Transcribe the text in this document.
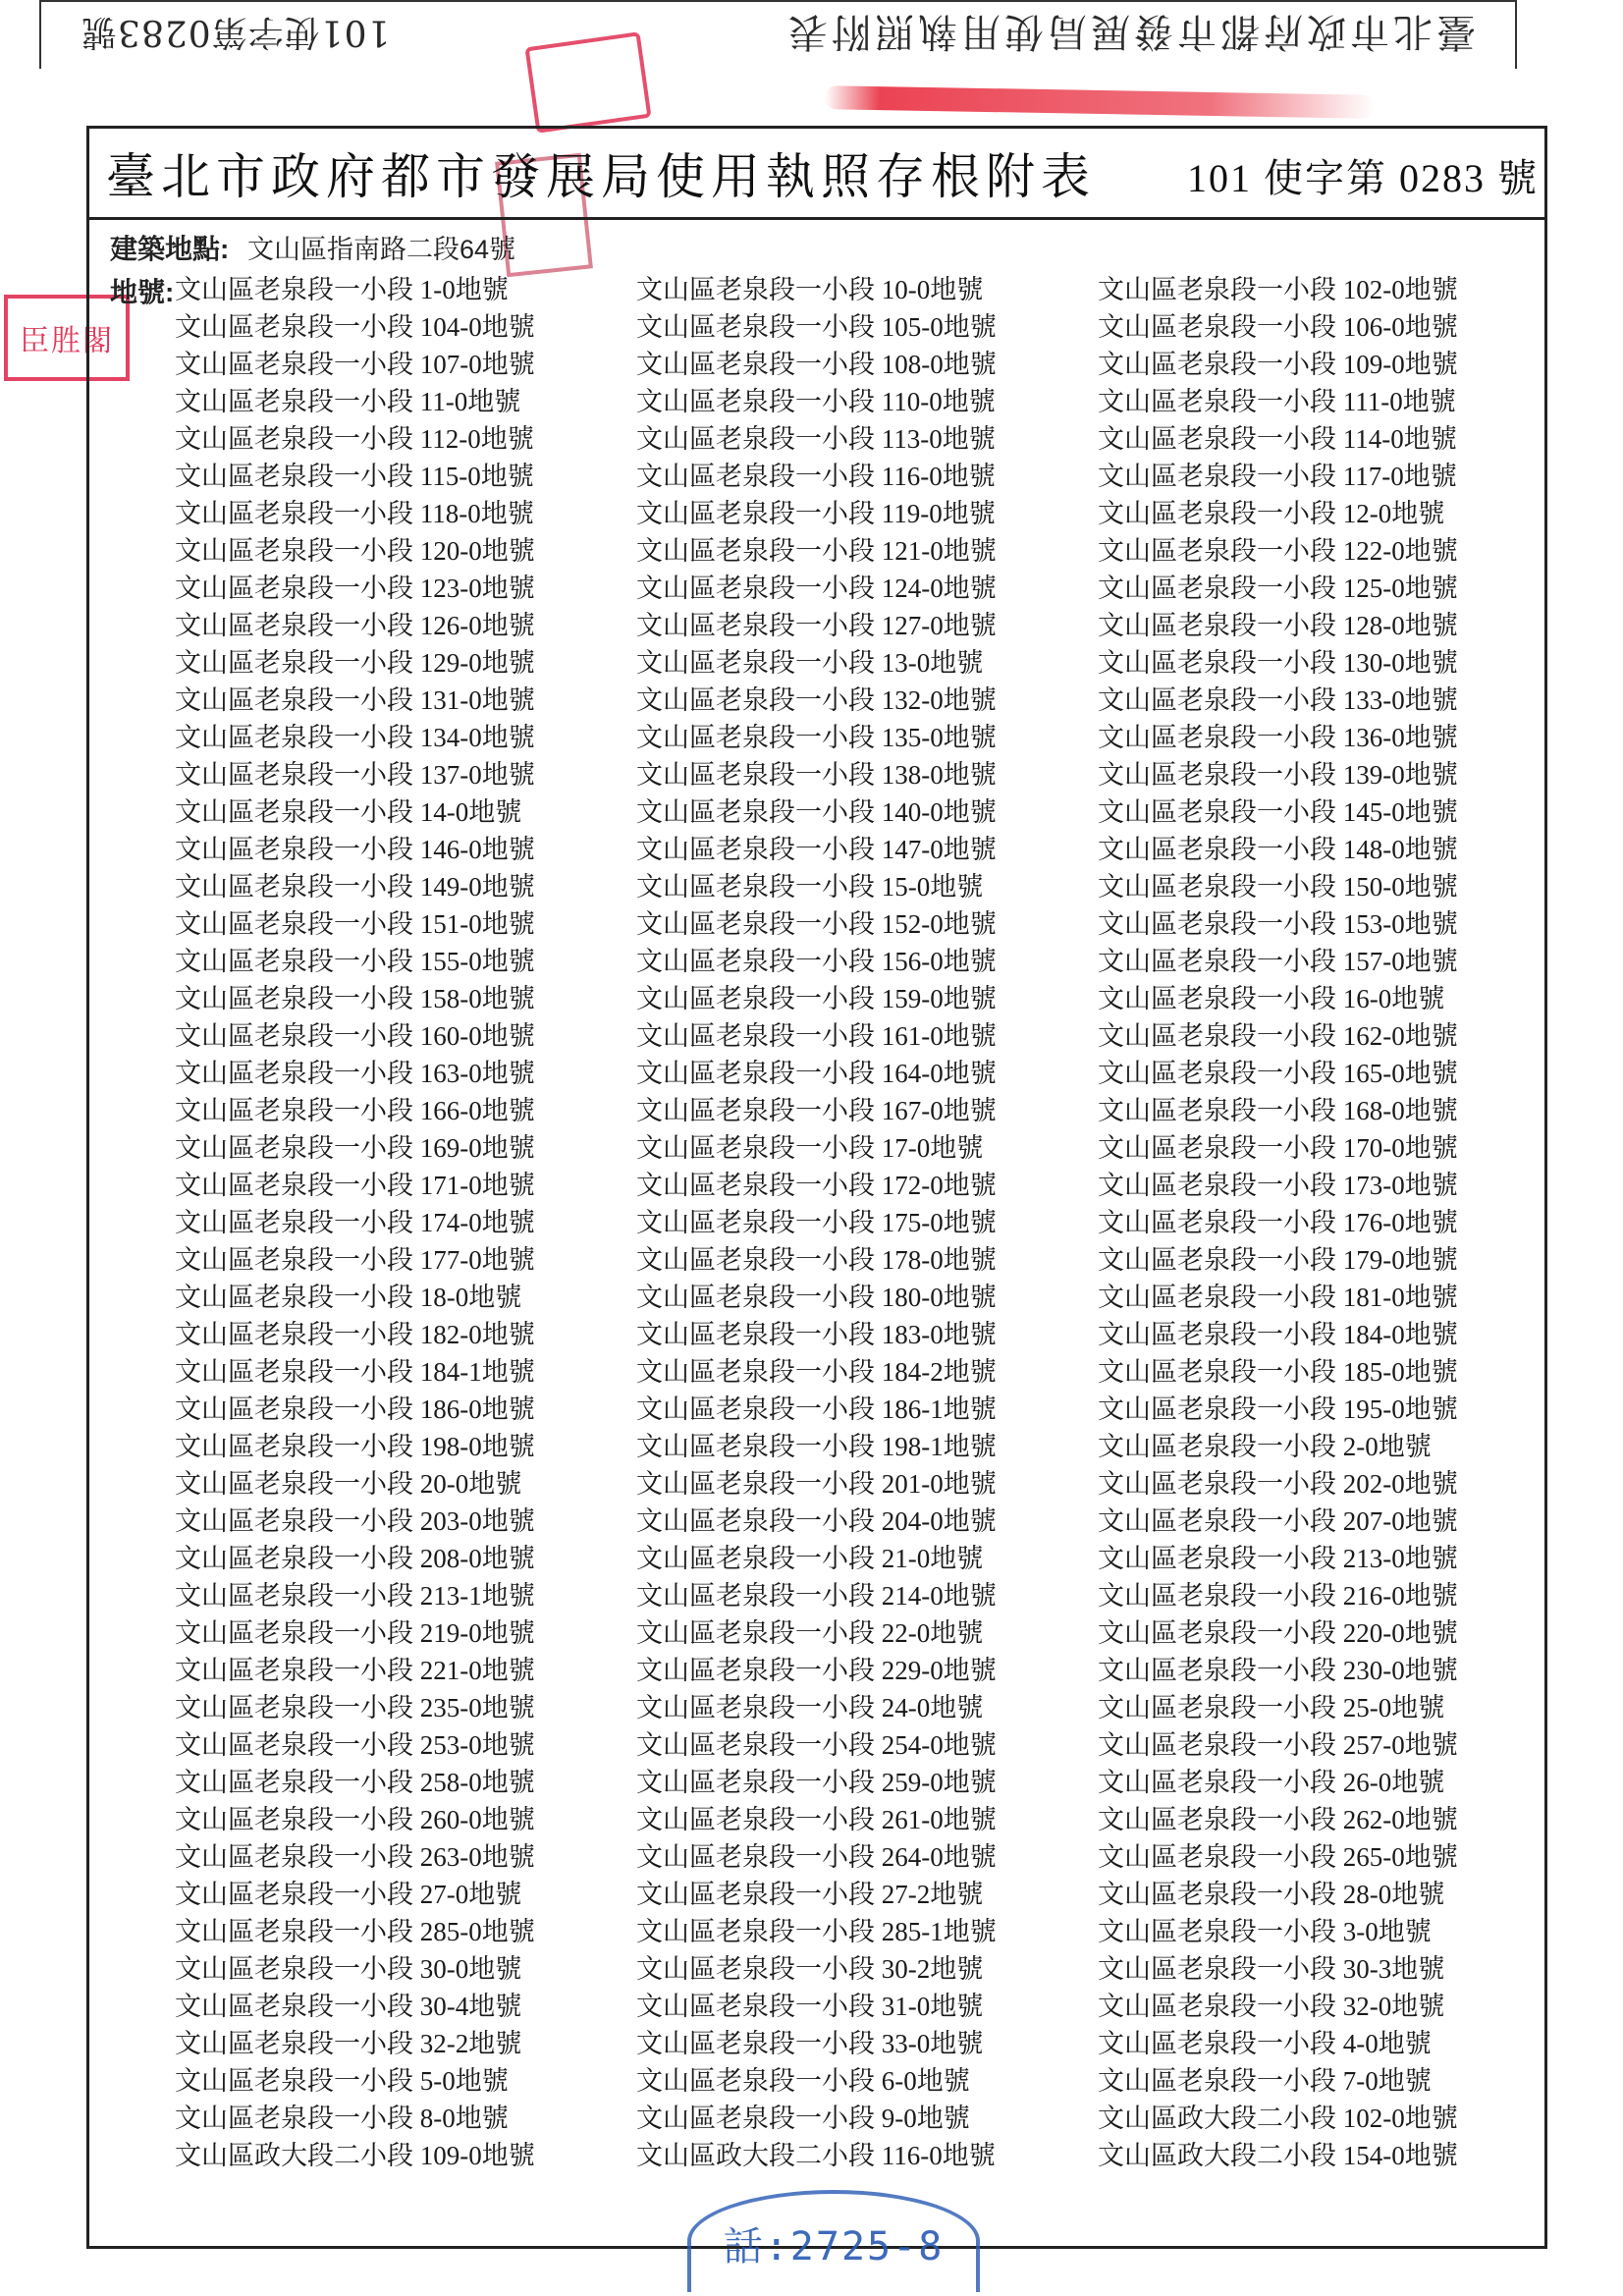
臺北市政府都市發展局使用執照附表
101使字第0283號
臣胜閣
臺北市政府都市發展局使用執照存根附表 101 使字第 0283 號
建築地點: 文山區指南路二段64號
地號: 文山區老泉段一小段 1-0地號	文山區老泉段一小段 10-0地號	文山區老泉段一小段 102-0地號
文山區老泉段一小段 104-0地號	文山區老泉段一小段 105-0地號	文山區老泉段一小段 106-0地號
文山區老泉段一小段 107-0地號	文山區老泉段一小段 108-0地號	文山區老泉段一小段 109-0地號
文山區老泉段一小段 11-0地號	文山區老泉段一小段 110-0地號	文山區老泉段一小段 111-0地號
文山區老泉段一小段 112-0地號	文山區老泉段一小段 113-0地號	文山區老泉段一小段 114-0地號
文山區老泉段一小段 115-0地號	文山區老泉段一小段 116-0地號	文山區老泉段一小段 117-0地號
文山區老泉段一小段 118-0地號	文山區老泉段一小段 119-0地號	文山區老泉段一小段 12-0地號
文山區老泉段一小段 120-0地號	文山區老泉段一小段 121-0地號	文山區老泉段一小段 122-0地號
文山區老泉段一小段 123-0地號	文山區老泉段一小段 124-0地號	文山區老泉段一小段 125-0地號
文山區老泉段一小段 126-0地號	文山區老泉段一小段 127-0地號	文山區老泉段一小段 128-0地號
文山區老泉段一小段 129-0地號	文山區老泉段一小段 13-0地號	文山區老泉段一小段 130-0地號
文山區老泉段一小段 131-0地號	文山區老泉段一小段 132-0地號	文山區老泉段一小段 133-0地號
文山區老泉段一小段 134-0地號	文山區老泉段一小段 135-0地號	文山區老泉段一小段 136-0地號
文山區老泉段一小段 137-0地號	文山區老泉段一小段 138-0地號	文山區老泉段一小段 139-0地號
文山區老泉段一小段 14-0地號	文山區老泉段一小段 140-0地號	文山區老泉段一小段 145-0地號
文山區老泉段一小段 146-0地號	文山區老泉段一小段 147-0地號	文山區老泉段一小段 148-0地號
文山區老泉段一小段 149-0地號	文山區老泉段一小段 15-0地號	文山區老泉段一小段 150-0地號
文山區老泉段一小段 151-0地號	文山區老泉段一小段 152-0地號	文山區老泉段一小段 153-0地號
文山區老泉段一小段 155-0地號	文山區老泉段一小段 156-0地號	文山區老泉段一小段 157-0地號
文山區老泉段一小段 158-0地號	文山區老泉段一小段 159-0地號	文山區老泉段一小段 16-0地號
文山區老泉段一小段 160-0地號	文山區老泉段一小段 161-0地號	文山區老泉段一小段 162-0地號
文山區老泉段一小段 163-0地號	文山區老泉段一小段 164-0地號	文山區老泉段一小段 165-0地號
文山區老泉段一小段 166-0地號	文山區老泉段一小段 167-0地號	文山區老泉段一小段 168-0地號
文山區老泉段一小段 169-0地號	文山區老泉段一小段 17-0地號	文山區老泉段一小段 170-0地號
文山區老泉段一小段 171-0地號	文山區老泉段一小段 172-0地號	文山區老泉段一小段 173-0地號
文山區老泉段一小段 174-0地號	文山區老泉段一小段 175-0地號	文山區老泉段一小段 176-0地號
文山區老泉段一小段 177-0地號	文山區老泉段一小段 178-0地號	文山區老泉段一小段 179-0地號
文山區老泉段一小段 18-0地號	文山區老泉段一小段 180-0地號	文山區老泉段一小段 181-0地號
文山區老泉段一小段 182-0地號	文山區老泉段一小段 183-0地號	文山區老泉段一小段 184-0地號
文山區老泉段一小段 184-1地號	文山區老泉段一小段 184-2地號	文山區老泉段一小段 185-0地號
文山區老泉段一小段 186-0地號	文山區老泉段一小段 186-1地號	文山區老泉段一小段 195-0地號
文山區老泉段一小段 198-0地號	文山區老泉段一小段 198-1地號	文山區老泉段一小段 2-0地號
文山區老泉段一小段 20-0地號	文山區老泉段一小段 201-0地號	文山區老泉段一小段 202-0地號
文山區老泉段一小段 203-0地號	文山區老泉段一小段 204-0地號	文山區老泉段一小段 207-0地號
文山區老泉段一小段 208-0地號	文山區老泉段一小段 21-0地號	文山區老泉段一小段 213-0地號
文山區老泉段一小段 213-1地號	文山區老泉段一小段 214-0地號	文山區老泉段一小段 216-0地號
文山區老泉段一小段 219-0地號	文山區老泉段一小段 22-0地號	文山區老泉段一小段 220-0地號
文山區老泉段一小段 221-0地號	文山區老泉段一小段 229-0地號	文山區老泉段一小段 230-0地號
文山區老泉段一小段 235-0地號	文山區老泉段一小段 24-0地號	文山區老泉段一小段 25-0地號
文山區老泉段一小段 253-0地號	文山區老泉段一小段 254-0地號	文山區老泉段一小段 257-0地號
文山區老泉段一小段 258-0地號	文山區老泉段一小段 259-0地號	文山區老泉段一小段 26-0地號
文山區老泉段一小段 260-0地號	文山區老泉段一小段 261-0地號	文山區老泉段一小段 262-0地號
文山區老泉段一小段 263-0地號	文山區老泉段一小段 264-0地號	文山區老泉段一小段 265-0地號
文山區老泉段一小段 27-0地號	文山區老泉段一小段 27-2地號	文山區老泉段一小段 28-0地號
文山區老泉段一小段 285-0地號	文山區老泉段一小段 285-1地號	文山區老泉段一小段 3-0地號
文山區老泉段一小段 30-0地號	文山區老泉段一小段 30-2地號	文山區老泉段一小段 30-3地號
文山區老泉段一小段 30-4地號	文山區老泉段一小段 31-0地號	文山區老泉段一小段 32-0地號
文山區老泉段一小段 32-2地號	文山區老泉段一小段 33-0地號	文山區老泉段一小段 4-0地號
文山區老泉段一小段 5-0地號	文山區老泉段一小段 6-0地號	文山區老泉段一小段 7-0地號
文山區老泉段一小段 8-0地號	文山區老泉段一小段 9-0地號	文山區政大段二小段 102-0地號
文山區政大段二小段 109-0地號	文山區政大段二小段 116-0地號	文山區政大段二小段 154-0地號
話:2725-8
